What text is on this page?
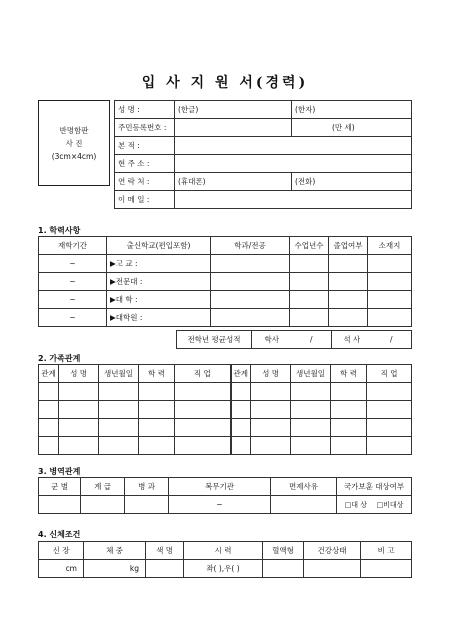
입 사 지 원 서(경력)
반명함판
사 진
(3cm×4cm)
성 명 :	(한글)	(한자)
주민등록번호 :		(만 세)
본 적 :		
현 주 소 :		
연 락 처 :	(휴대폰)	(전화)
이 메 일 :		
1. 학력사항
재학기간	출신학교(편입포함)	학과/전공	수업년수	졸업여부	소재지
~	▶고 교 :				
~	▶전문대 :				
~	▶대 학 :				
~	▶대학원 :				
전학년 평균성적	학사	/	석 사	/
2. 가족관계
관계	성 명	생년월일	학 력	직 업	관계	성 명	생년월일	학 력	직 업

3. 병역관계
군 별	계 급	병 과	복무기관	면제사유	국가보훈 대상여부
			~		□대 상 □비대상
4. 신체조건
신 장	체 중	색 명	시 력	혈액형	건강상태	비 고
cm	kg		좌( ),우( )			
